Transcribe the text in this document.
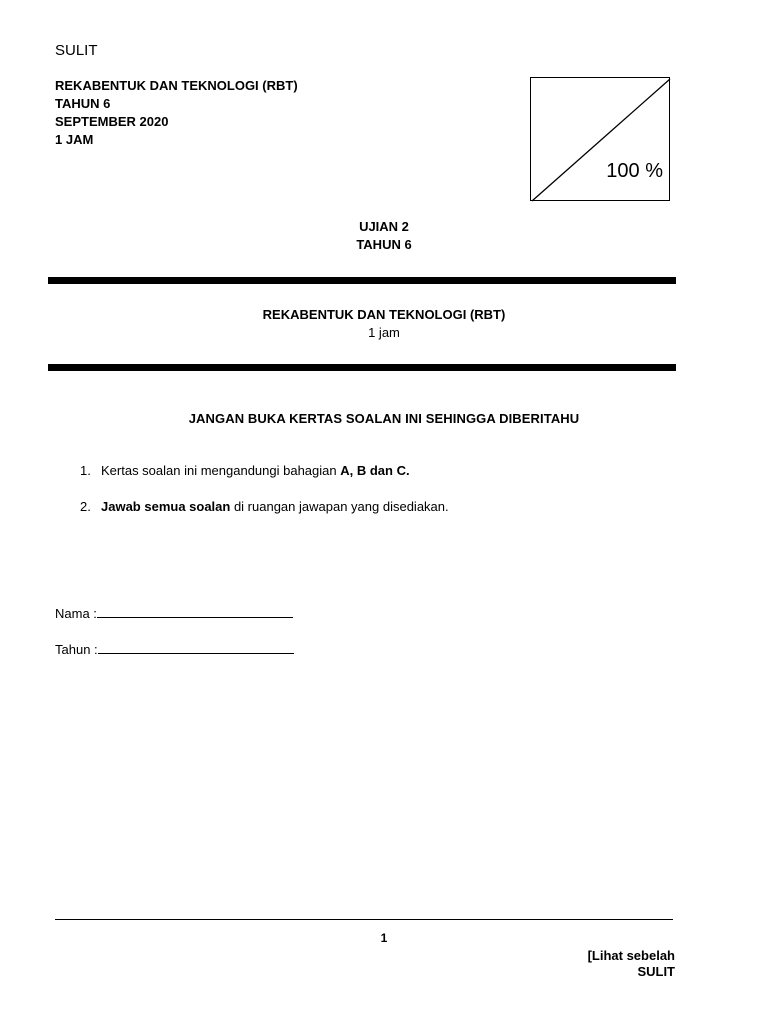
SULIT
REKABENTUK DAN TEKNOLOGI (RBT)
TAHUN 6
SEPTEMBER 2020
1 JAM
100 %
UJIAN 2
TAHUN 6
REKABENTUK DAN TEKNOLOGI (RBT)
1 jam
JANGAN BUKA KERTAS SOALAN INI SEHINGGA DIBERITAHU
1. Kertas soalan ini mengandungi bahagian A, B dan C.
2. Jawab semua soalan di ruangan jawapan yang disediakan.
Nama :
Tahun :
1
[Lihat sebelah
SULIT
